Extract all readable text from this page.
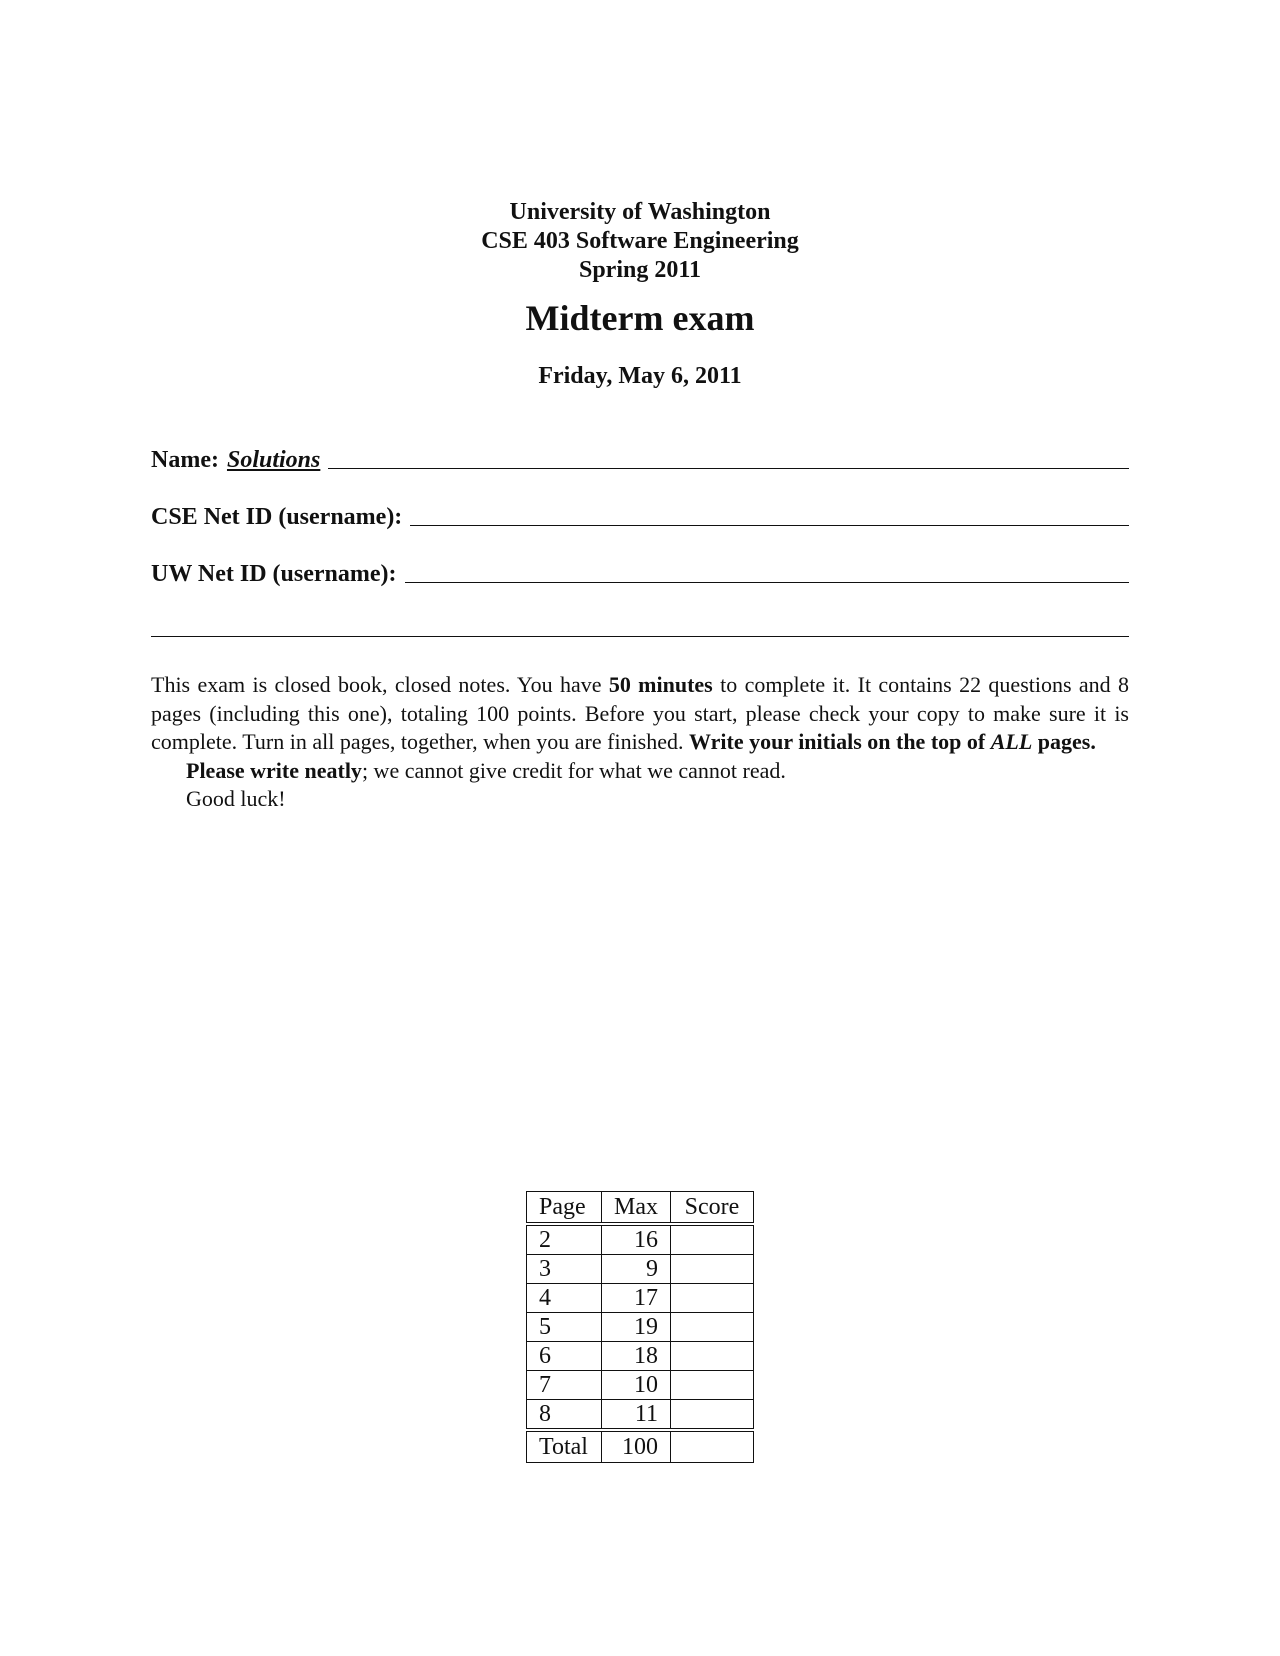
University of Washington
CSE 403 Software Engineering
Spring 2011
Midterm exam
Friday, May 6, 2011
Name: Solutions
CSE Net ID (username):
UW Net ID (username):

This exam is closed book, closed notes. You have 50 minutes to complete it. It contains 22 questions and 8 pages (including this one), totaling 100 points. Before you start, please check your copy to make sure it is complete. Turn in all pages, together, when you are finished. Write your initials on the top of ALL pages.

Please write neatly; we cannot give credit for what we cannot read.

Good luck!

Page	Max	Score
2	16	
3	9	
4	17	
5	19	
6	18	
7	10	
8	11	
Total	100	
